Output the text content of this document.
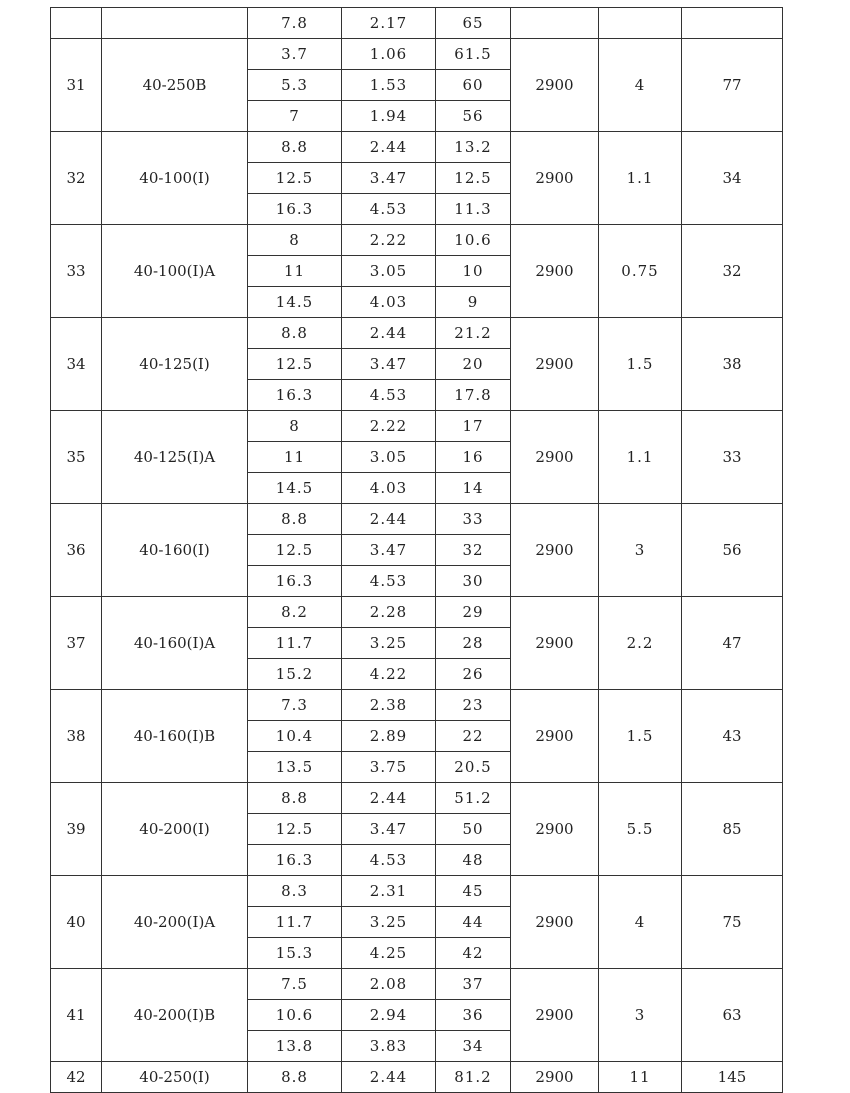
		7.8	2.17	65			
31	40-250B	3.7	1.06	61.5	2900	4	77
		5.3	1.53	60			
		7	1.94	56			
32	40-100(I)	8.8	2.44	13.2	2900	1.1	34
		12.5	3.47	12.5			
		16.3	4.53	11.3			
33	40-100(I)A	8	2.22	10.6	2900	0.75	32
		11	3.05	10			
		14.5	4.03	9			
34	40-125(I)	8.8	2.44	21.2	2900	1.5	38
		12.5	3.47	20			
		16.3	4.53	17.8			
35	40-125(I)A	8	2.22	17	2900	1.1	33
		11	3.05	16			
		14.5	4.03	14			
36	40-160(I)	8.8	2.44	33	2900	3	56
		12.5	3.47	32			
		16.3	4.53	30			
37	40-160(I)A	8.2	2.28	29	2900	2.2	47
		11.7	3.25	28			
		15.2	4.22	26			
38	40-160(I)B	7.3	2.38	23	2900	1.5	43
		10.4	2.89	22			
		13.5	3.75	20.5			
39	40-200(I)	8.8	2.44	51.2	2900	5.5	85
		12.5	3.47	50			
		16.3	4.53	48			
40	40-200(I)A	8.3	2.31	45	2900	4	75
		11.7	3.25	44			
		15.3	4.25	42			
41	40-200(I)B	7.5	2.08	37	2900	3	63
		10.6	2.94	36			
		13.8	3.83	34			
42	40-250(I)	8.8	2.44	81.2	2900	11	145
